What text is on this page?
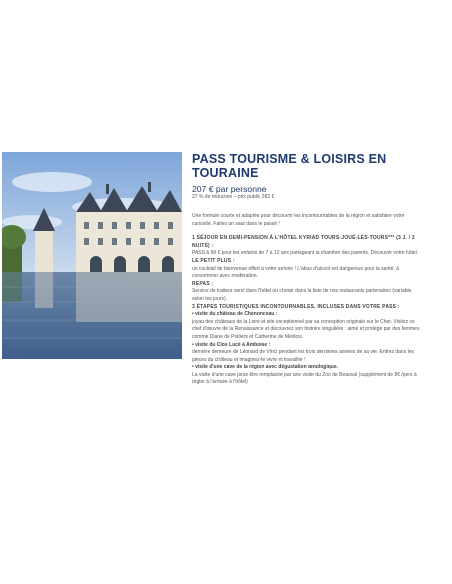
PASS TOURISME & LOISIRS EN TOURAINE
207 € par personne
27 % de réduction – prix public 282 €
Une formule courte et adaptée pour découvrir les incontournables de la région et satisfaire votre curiosité. Faites un saut dans le passé !
1 SÉJOUR EN DEMI-PENSION À L'HÔTEL KYRIAD TOURS-JOUÉ-LÈS-TOURS*** (3 J. / 2 NUITS) :
PASS à 99 € pour les enfants de 7 à 12 ans partageant la chambre des parents. Découvrir votre hôtel.
LE PETIT PLUS :
un cocktail de bienvenue offert à votre arrivée ! L'abus d'alcool est dangereux pour la santé, à consommer avec modération.
REPAS :
Service de traiteur servi dans l'hôtel ou choisir dans la liste de nos restaurants partenaires (variable selon les jours).
3 ÉTAPES TOURISTIQUES INCONTOURNABLES, INCLUSES DANS VOTRE PASS :
• visite du château de Chenonceau :
joyau des châteaux de la Loire et site exceptionnel par sa conception originale sur le Cher. Visitez ce chef d'œuvre de la Renaissance et découvrez son histoire singulière : aimé et protégé par des femmes comme Diane de Poitiers et Catherine de Médicis.
• visite du Clos Lucé à Amboise :
dernière demeure de Léonard de Vinci pendant les trois dernières années de sa vie. Entrez dans les pièces du château et imaginez-le vivre et travailler !
• visite d'une cave de la région avec dégustation œnologique.
La visite d'une cave peux être remplacée par une visite du Zoo de Beauval (supplément de 8€ /pers à régler à l'arrivée à l'hôtel)
